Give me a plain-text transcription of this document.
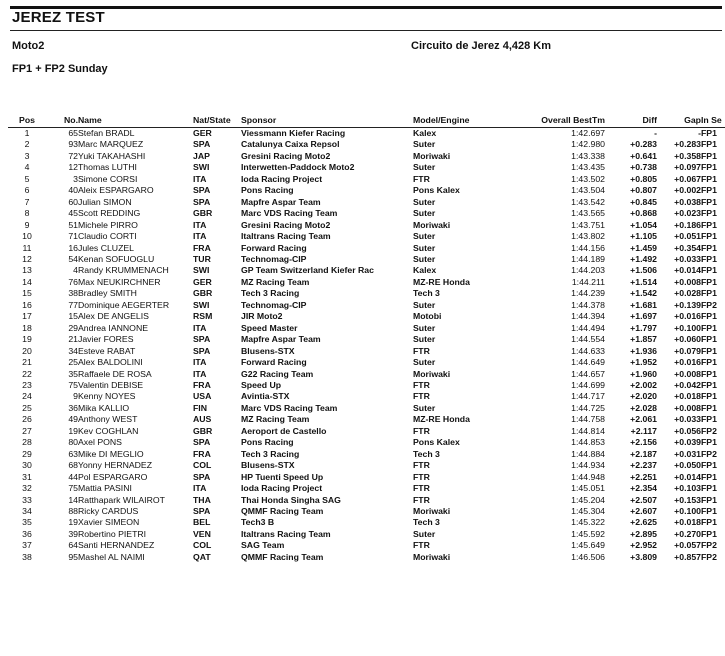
JEREZ TEST
Moto2	Circuito de Jerez 4,428 Km
FP1 + FP2 Sunday
Pos	No.	Name	Nat/State	Sponsor	Model/Engine	Overall BestTm	Diff	Gap	In Se
1	65	Stefan BRADL	GER	Viessmann Kiefer Racing	Kalex	1:42.697	-	-	FP1
2	93	Marc MARQUEZ	SPA	Catalunya Caixa Repsol	Suter	1:42.980	+0.283	+0.283	FP1
3	72	Yuki TAKAHASHI	JAP	Gresini Racing Moto2	Moriwaki	1:43.338	+0.641	+0.358	FP1
4	12	Thomas LUTHI	SWI	Interwetten-Paddock Moto2	Suter	1:43.435	+0.738	+0.097	FP1
5	3	Simone CORSI	ITA	Ioda Racing Project	FTR	1:43.502	+0.805	+0.067	FP1
6	40	Aleix ESPARGARO	SPA	Pons Racing	Pons Kalex	1:43.504	+0.807	+0.002	FP1
7	60	Julian SIMON	SPA	Mapfre Aspar Team	Suter	1:43.542	+0.845	+0.038	FP1
8	45	Scott REDDING	GBR	Marc VDS Racing Team	Suter	1:43.565	+0.868	+0.023	FP1
9	51	Michele PIRRO	ITA	Gresini Racing Moto2	Moriwaki	1:43.751	+1.054	+0.186	FP1
10	71	Claudio CORTI	ITA	Italtrans Racing Team	Suter	1:43.802	+1.105	+0.051	FP1
11	16	Jules CLUZEL	FRA	Forward Racing	Suter	1:44.156	+1.459	+0.354	FP1
12	54	Kenan SOFUOGLU	TUR	Technomag-CIP	Suter	1:44.189	+1.492	+0.033	FP1
13	4	Randy KRUMMENACH	SWI	GP Team Switzerland Kiefer Rac	Kalex	1:44.203	+1.506	+0.014	FP1
14	76	Max NEUKIRCHNER	GER	MZ Racing Team	MZ-RE Honda	1:44.211	+1.514	+0.008	FP1
15	38	Bradley SMITH	GBR	Tech 3 Racing	Tech 3	1:44.239	+1.542	+0.028	FP1
16	77	Dominique AEGERTER	SWI	Technomag-CIP	Suter	1:44.378	+1.681	+0.139	FP2
17	15	Alex DE ANGELIS	RSM	JIR Moto2	Motobi	1:44.394	+1.697	+0.016	FP1
18	29	Andrea IANNONE	ITA	Speed Master	Suter	1:44.494	+1.797	+0.100	FP1
19	21	Javier FORES	SPA	Mapfre Aspar Team	Suter	1:44.554	+1.857	+0.060	FP1
20	34	Esteve RABAT	SPA	Blusens-STX	FTR	1:44.633	+1.936	+0.079	FP1
21	25	Alex BALDOLINI	ITA	Forward Racing	Suter	1:44.649	+1.952	+0.016	FP1
22	35	Raffaele DE ROSA	ITA	G22 Racing Team	Moriwaki	1:44.657	+1.960	+0.008	FP1
23	75	Valentin DEBISE	FRA	Speed Up	FTR	1:44.699	+2.002	+0.042	FP1
24	9	Kenny NOYES	USA	Avintia-STX	FTR	1:44.717	+2.020	+0.018	FP1
25	36	Mika KALLIO	FIN	Marc VDS Racing Team	Suter	1:44.725	+2.028	+0.008	FP1
26	49	Anthony WEST	AUS	MZ Racing Team	MZ-RE Honda	1:44.758	+2.061	+0.033	FP1
27	19	Kev COGHLAN	GBR	Aeroport de Castello	FTR	1:44.814	+2.117	+0.056	FP2
28	80	Axel PONS	SPA	Pons Racing	Pons Kalex	1:44.853	+2.156	+0.039	FP1
29	63	Mike DI MEGLIO	FRA	Tech 3 Racing	Tech 3	1:44.884	+2.187	+0.031	FP2
30	68	Yonny HERNADEZ	COL	Blusens-STX	FTR	1:44.934	+2.237	+0.050	FP1
31	44	Pol ESPARGARO	SPA	HP Tuenti Speed Up	FTR	1:44.948	+2.251	+0.014	FP1
32	75	Mattia PASINI	ITA	Ioda Racing Project	FTR	1:45.051	+2.354	+0.103	FP1
33	14	Ratthapark WILAIROT	THA	Thai Honda Singha SAG	FTR	1:45.204	+2.507	+0.153	FP1
34	88	Ricky CARDUS	SPA	QMMF Racing Team	Moriwaki	1:45.304	+2.607	+0.100	FP1
35	19	Xavier SIMEON	BEL	Tech3 B	Tech 3	1:45.322	+2.625	+0.018	FP1
36	39	Robertino PIETRI	VEN	Italtrans Racing Team	Suter	1:45.592	+2.895	+0.270	FP1
37	64	Santi HERNANDEZ	COL	SAG Team	FTR	1:45.649	+2.952	+0.057	FP2
38	95	Mashel AL NAIMI	QAT	QMMF Racing Team	Moriwaki	1:46.506	+3.809	+0.857	FP2
